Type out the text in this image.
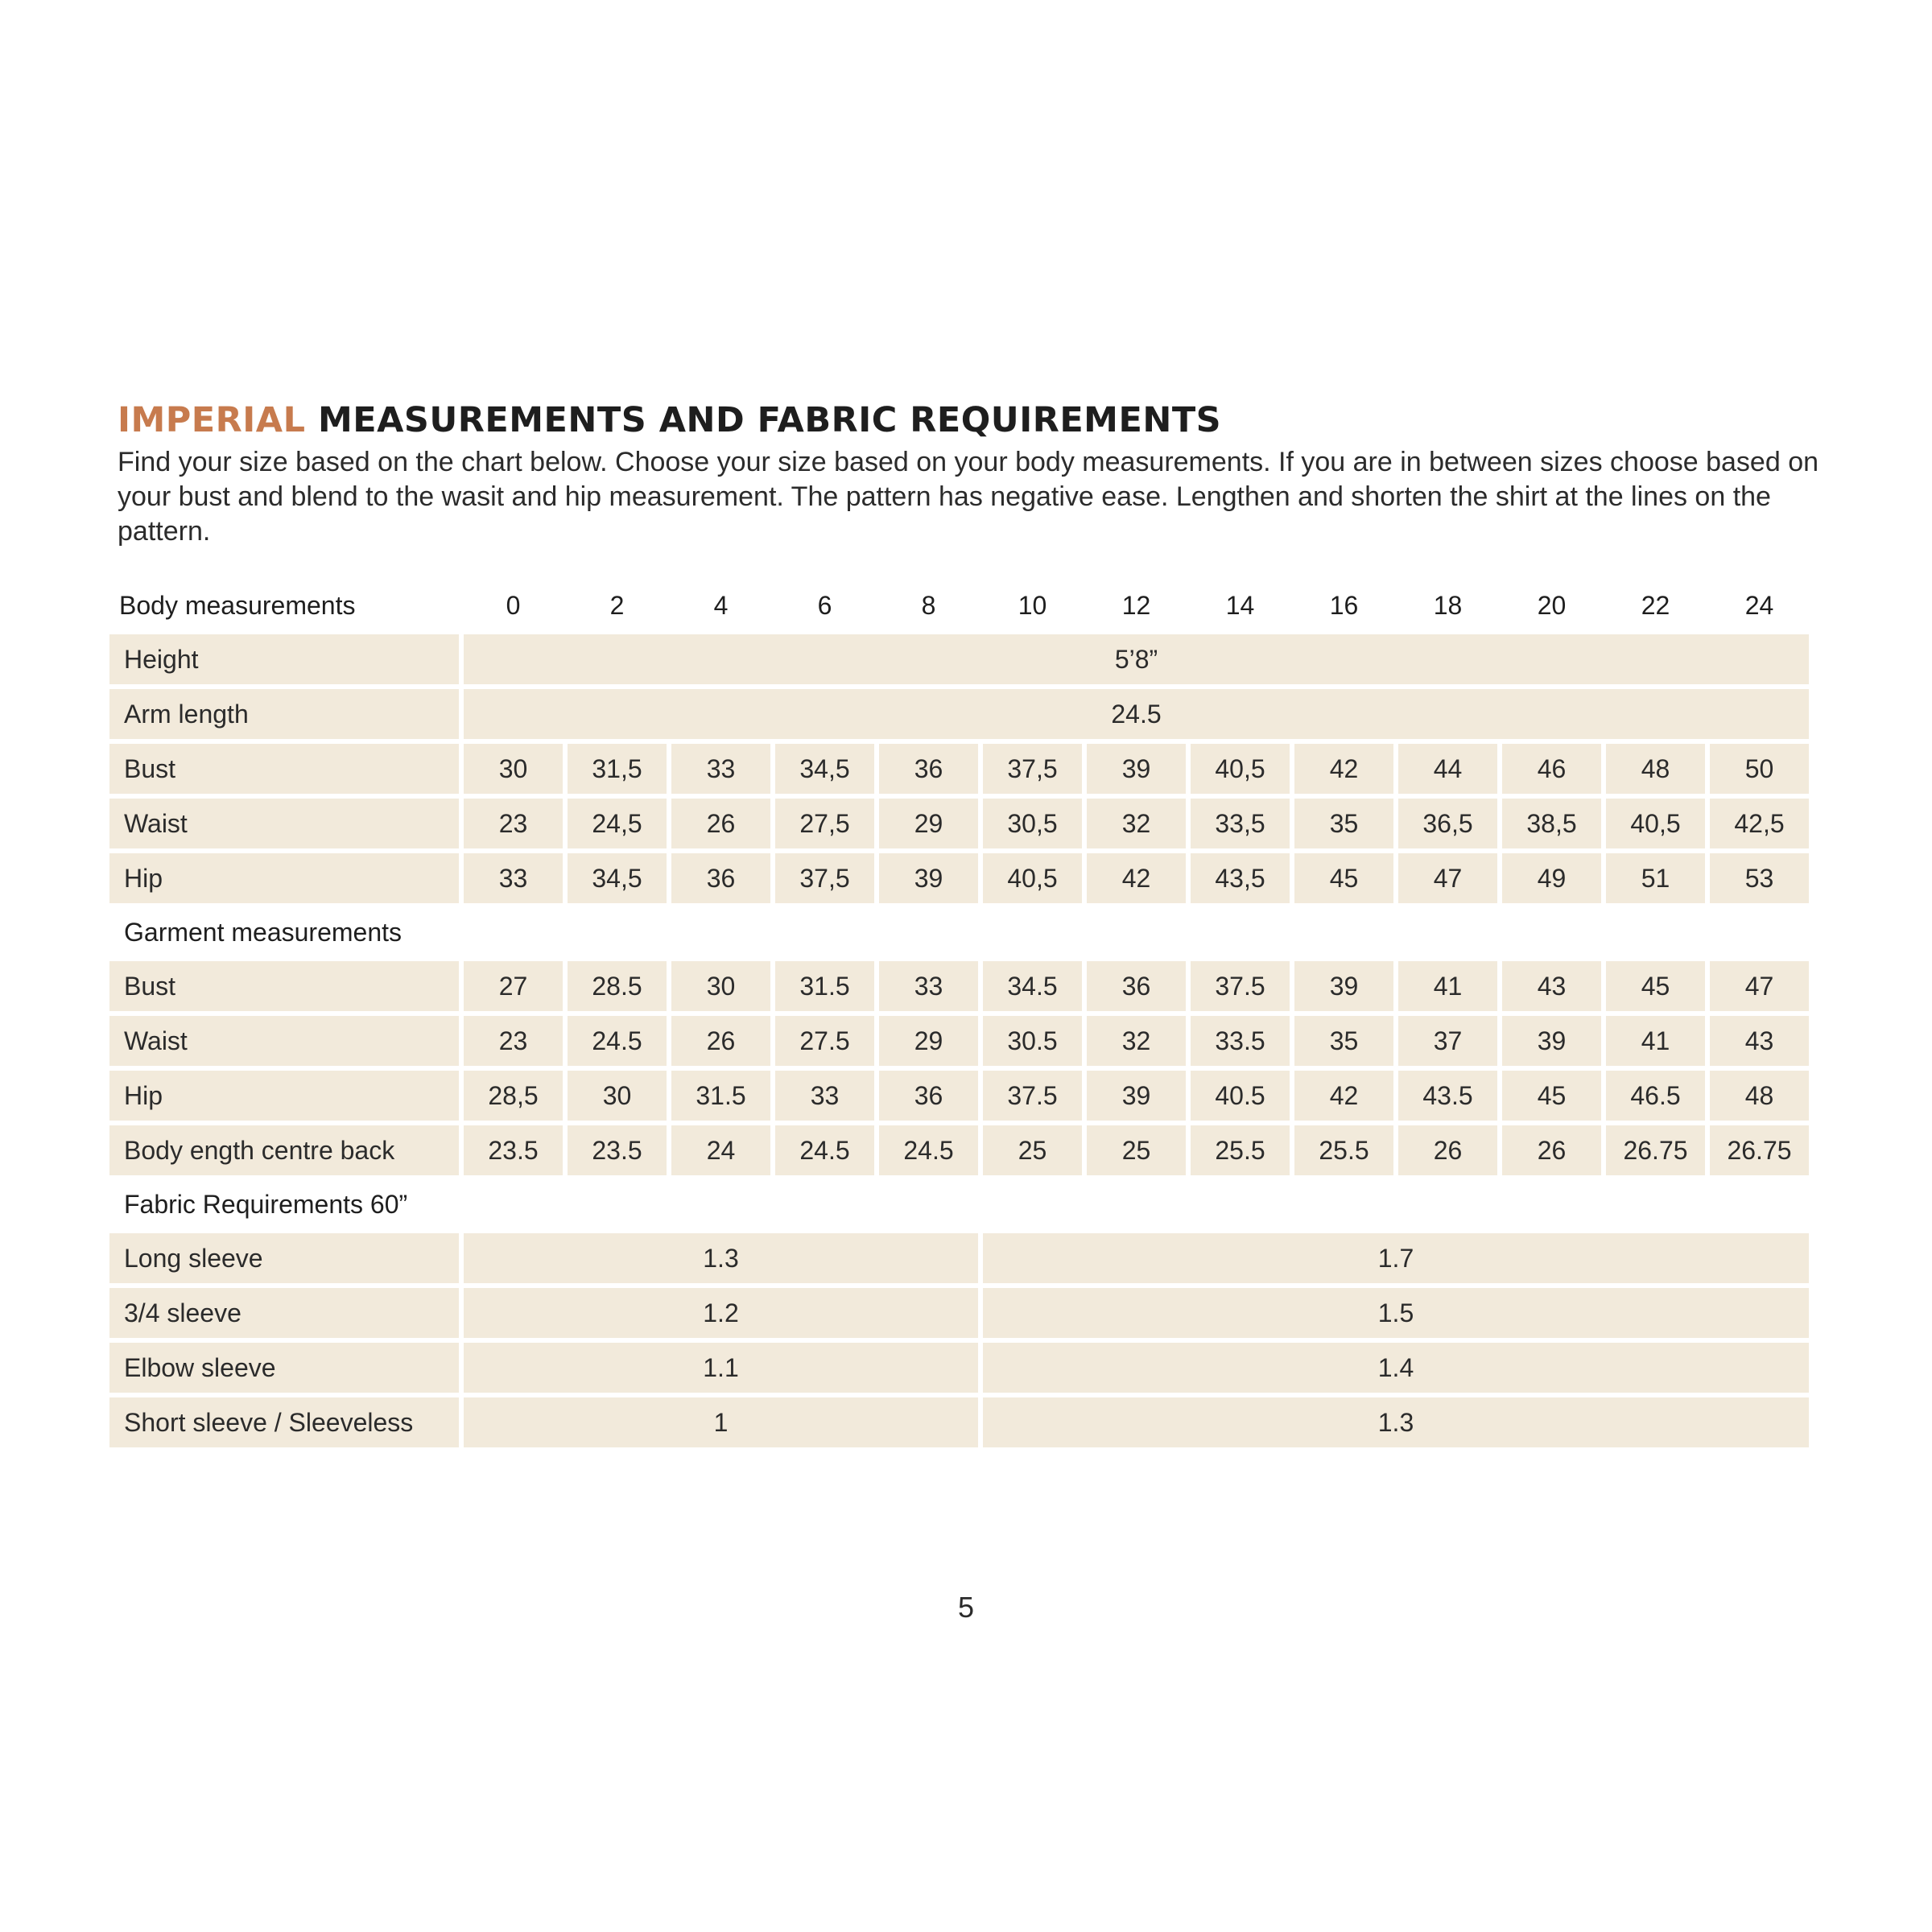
IMPERIAL MEASUREMENTS AND FABRIC REQUIREMENTS

Find your size based on the chart below. Choose your size based on your body measurements. If you are in between sizes choose based on your bust and blend to the wasit and hip measurement. The pattern has negative ease. Lengthen and shorten the shirt at the lines on the pattern.

Body measurements	0	2	4	6	8	10	12	14	16	18	20	22	24
Height	5’8”												
Arm length	24.5												
Bust	30	31,5	33	34,5	36	37,5	39	40,5	42	44	46	48	50
Waist	23	24,5	26	27,5	29	30,5	32	33,5	35	36,5	38,5	40,5	42,5
Hip	33	34,5	36	37,5	39	40,5	42	43,5	45	47	49	51	53
Garment measurements													
Bust	27	28.5	30	31.5	33	34.5	36	37.5	39	41	43	45	47
Waist	23	24.5	26	27.5	29	30.5	32	33.5	35	37	39	41	43
Hip	28,5	30	31.5	33	36	37.5	39	40.5	42	43.5	45	46.5	48
Body ength centre back	23.5	23.5	24	24.5	24.5	25	25	25.5	25.5	26	26	26.75	26.75
Fabric Requirements 60”													
Long sleeve	1.3					1.7							
3/4 sleeve	1.2					1.5							
Elbow sleeve	1.1					1.4							
Short sleeve / Sleeveless	1					1.3							
5
